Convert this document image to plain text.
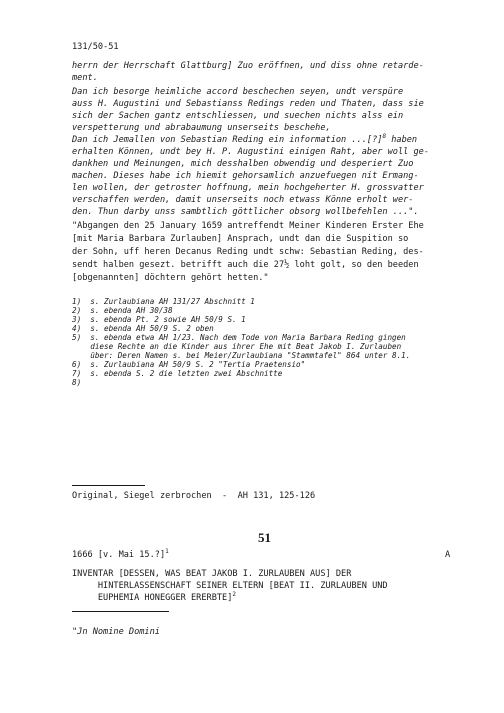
131/50-51
herrn der Herrschaft Glattburg] Zuo eröffnen, und diss ohne retarde-
ment.
Dan ich besorge heimliche accord beschechen seyen, undt verspüre
auss H. Augustini und Sebastianss Redings reden und Thaten, dass sie
sich der Sachen gantz entschliessen, und suechen nichts alss ein
verspetterung und abrabaumung unserseits beschehe,
Dan ich Jemallen von Sebastian Reding ein information ...[?]$^8$ haben
erhalten Können, undt bey H. P. Augustini einigen Raht, aber woll ge-
dankhen und Meinungen, mich desshalben obwendig und desperiert Zuo
machen. Dieses habe ich hiemit gehorsamlich anzuefuegen nit Ermang-
len wollen, der getroster hoffnung, mein hochgeherter H. grossvatter
verschaffen werden, damit unserseits noch etwass Könne erholt wer-
den. Thun darby unss sambtlich göttlicher obsorg wollbefehlen ...".
"Abgangen den 25 January 1659 antreffendt Meiner Kinderen Erster Ehe
[mit Maria Barbara Zurlauben] Ansprach, undt dan die Suspition so
der Sohn, uff heren Decanus Reding undt schw: Sebastian Reding, des-
sendt halben gesezt. betrifft auch die 27½ loht golt, so den beeden
[obgenannten] döchtern gehört hetten."
1)  s. Zurlaubiana AH 131/27 Abschnitt 1
2)  s. ebenda AH 30/38
3)  s. ebenda Pt. 2 sowie AH 50/9 S. 1
4)  s. ebenda AH 50/9 S. 2 oben
5)  s. ebenda etwa AH 1/23. Nach dem Tode von Maria Barbara Reding gingen
diese Rechte an die Kinder aus ihrer Ehe mit Beat Jakob I. Zurlauben
über: Deren Namen s. bei Meier/Zurlaubiana "Stammtafel" 864 unter 8.1.
6)  s. Zurlaubiana AH 50/9 S. 2 "Tertia Praetensio"
7)  s. ebenda S. 2 die letzten zwei Abschnitte
8)
Original, Siegel zerbrochen  -  AH 131, 125-126
51
1666 [v. Mai 15.?]$^1$	A
INVENTAR [DESSEN, WAS BEAT JAKOB I. ZURLAUBEN AUS] DER
HINTERLASSENSCHAFT SEINER ELTERN [BEAT II. ZURLAUBEN UND
EUPHEMIA HONEGGER ERERBTE]$^2$
"Jn Nomine Domini
